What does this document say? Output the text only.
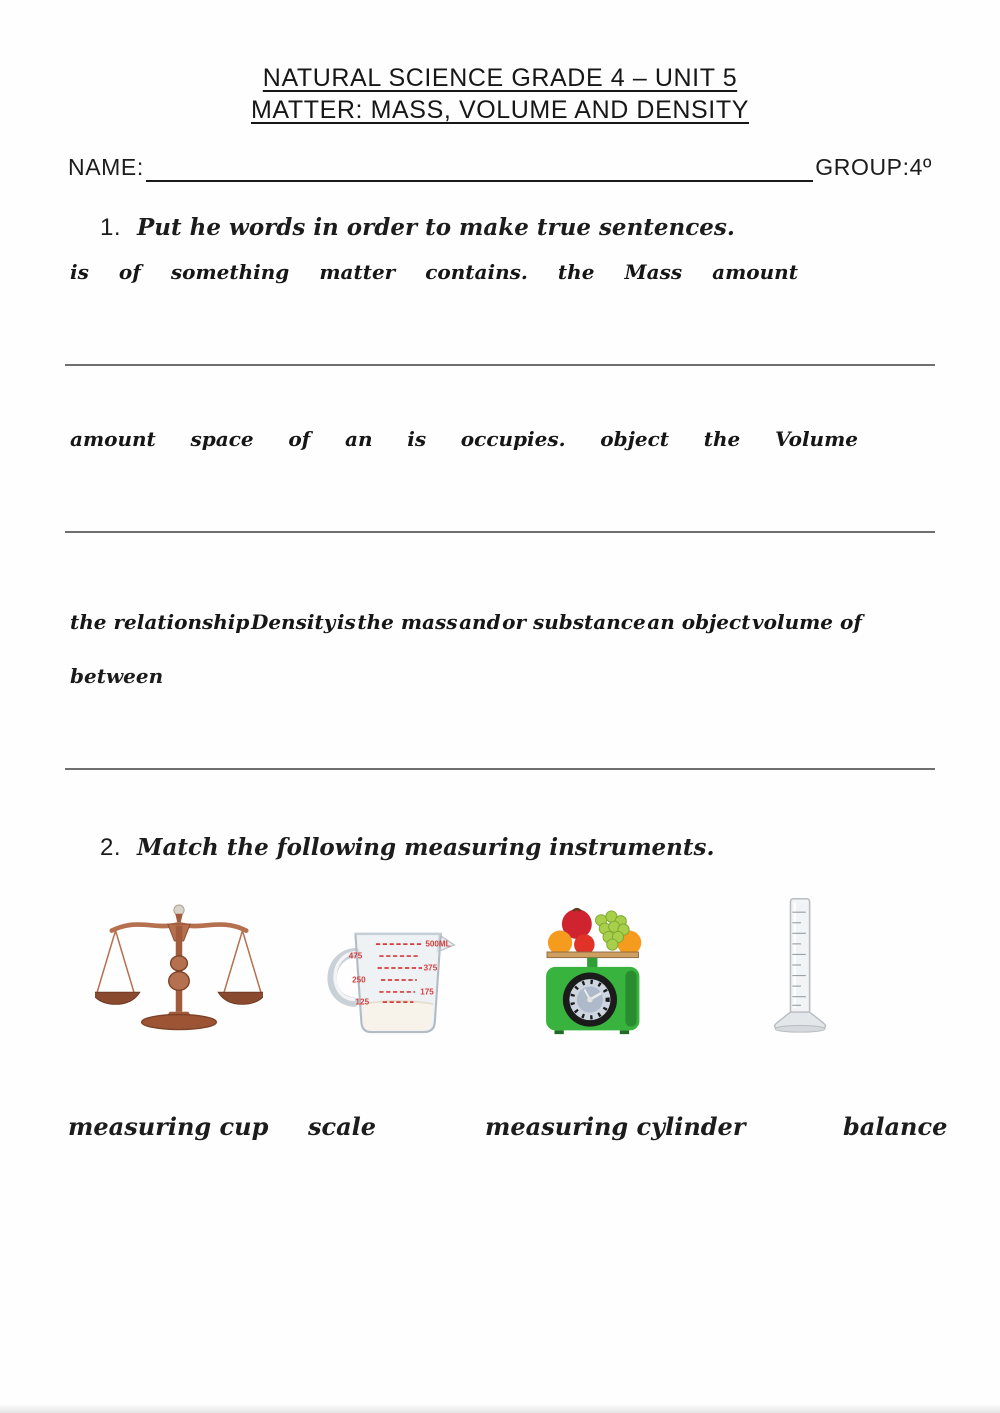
NATURAL SCIENCE GRADE 4 – UNIT 5
MATTER: MASS, VOLUME AND DENSITY
NAME:	GROUP:4º
1. Put he words in order to make true sentences.
is of something matter contains. the Mass amount
amount space of an is occupies. object the Volume
the relationship Density is the mass and or substance an object volume of
between
2. Match the following measuring instruments.
500ML
475
375
250
175
125
measuring cup scale	measuring cylinder	balance
